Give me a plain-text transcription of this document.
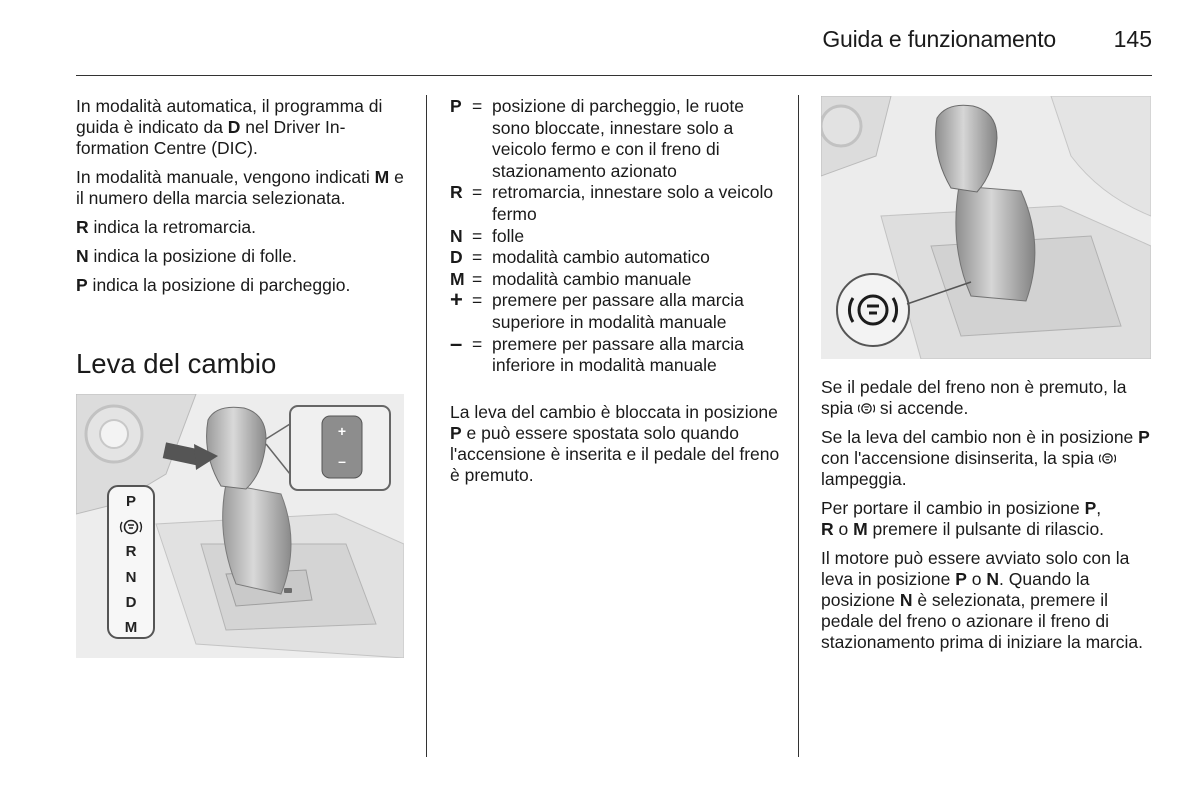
Guida e funzionamento	145

In modalità automatica, il programma di guida è indicato da D nel Driver Information Centre (DIC).

In modalità manuale, vengono indicati M e il numero della marcia selezionata.

R indica la retromarcia.

N indica la posizione di folle.

P indica la posizione di parcheggio.

Leva del cambio
+
–
P
R
N
D
M
P = posizione di parcheggio, le ruote sono bloccate, innestare solo a veicolo fermo e con il freno di stazionamento azionato
R = retromarcia, innestare solo a veicolo fermo
N = folle
D = modalità cambio automatico
M = modalità cambio manuale
+ = premere per passare alla marcia superiore in modalità manuale
– = premere per passare alla marcia inferiore in modalità manuale

La leva del cambio è bloccata in posizione P e può essere spostata solo quando l'accensione è inserita e il pedale del freno è premuto.

Se il pedale del freno non è premuto, la spia  si accende.

Se la leva del cambio non è in posizione P con l'accensione disinserita, la spia  lampeggia.

Per portare il cambio in posizione P,
R o M premere il pulsante di rilascio.

Il motore può essere avviato solo con la leva in posizione P o N. Quando la posizione N è selezionata, premere il pedale del freno o azionare il freno di stazionamento prima di iniziare la marcia.
